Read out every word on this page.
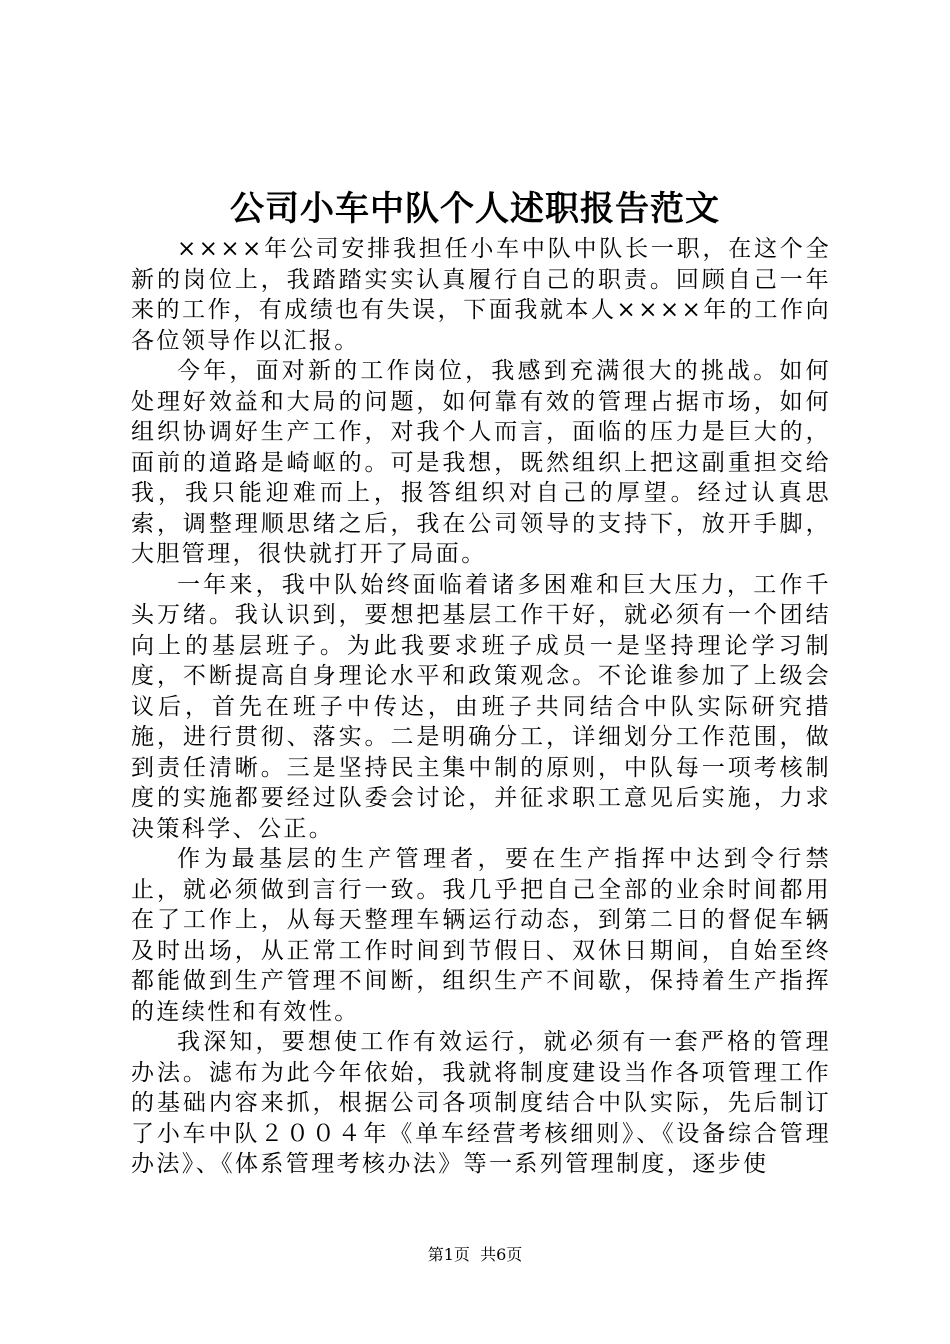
公司小车中队个人述职报告范文

××××年公司安排我担任小车中队中队长一职，在这个全新的岗位上，我踏踏实实认真履行自己的职责。回顾自己一年来的工作，有成绩也有失误，下面我就本人××××年的工作向各位领导作以汇报。

今年，面对新的工作岗位，我感到充满很大的挑战。如何处理好效益和大局的问题，如何靠有效的管理占据市场，如何组织协调好生产工作，对我个人而言，面临的压力是巨大的，面前的道路是崎岖的。可是我想，既然组织上把这副重担交给我，我只能迎难而上，报答组织对自己的厚望。经过认真思索，调整理顺思绪之后，我在公司领导的支持下，放开手脚，大胆管理，很快就打开了局面。

一年来，我中队始终面临着诸多困难和巨大压力，工作千头万绪。我认识到，要想把基层工作干好，就必须有一个团结向上的基层班子。为此我要求班子成员一是坚持理论学习制度，不断提高自身理论水平和政策观念。不论谁参加了上级会议后，首先在班子中传达，由班子共同结合中队实际研究措施，进行贯彻、落实。二是明确分工，详细划分工作范围，做到责任清晰。三是坚持民主集中制的原则，中队每一项考核制度的实施都要经过队委会讨论，并征求职工意见后实施，力求决策科学、公正。

作为最基层的生产管理者，要在生产指挥中达到令行禁止，就必须做到言行一致。我几乎把自己全部的业余时间都用在了工作上，从每天整理车辆运行动态，到第二日的督促车辆及时出场，从正常工作时间到节假日、双休日期间，自始至终都能做到生产管理不间断，组织生产不间歇，保持着生产指挥的连续性和有效性。

我深知，要想使工作有效运行，就必须有一套严格的管理办法。滤布为此今年依始，我就将制度建设当作各项管理工作的基础内容来抓，根据公司各项制度结合中队实际，先后制订了小车中队２００４年《单车经营考核细则》、《设备综合管理办法》、《体系管理考核办法》等一系列管理制度，逐步使

第1页  共6页
